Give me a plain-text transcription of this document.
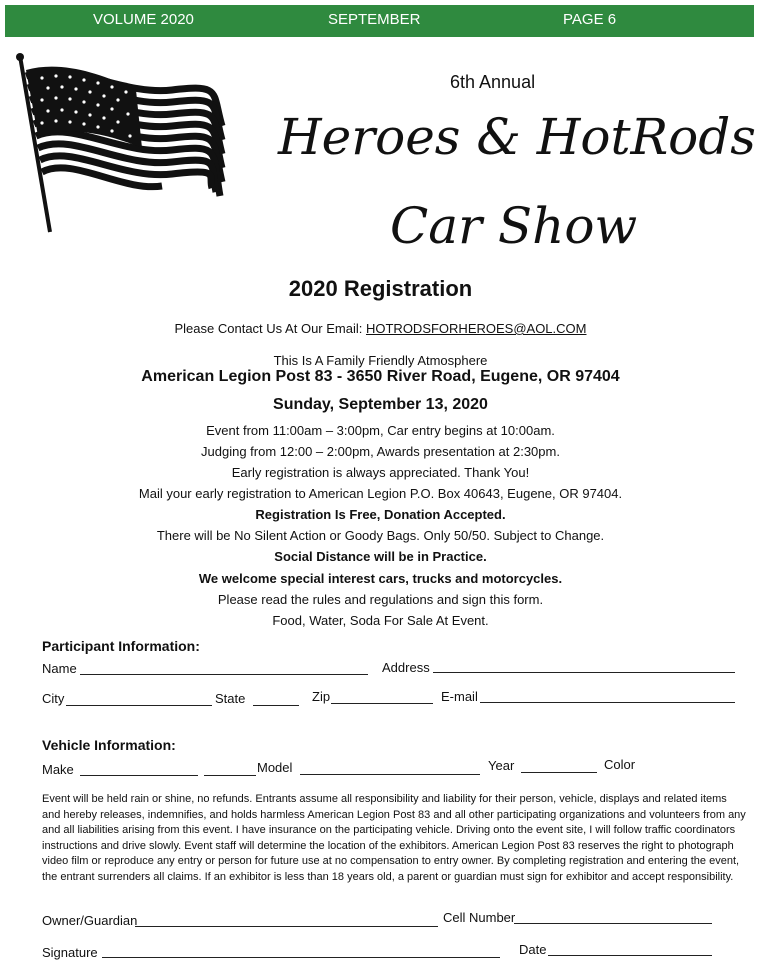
VOLUME 2020	SEPTEMBER	PAGE 6
6th Annual
Heroes & HotRods
Car Show
2020 Registration
Please Contact Us At Our Email: HOTRODSFORHEROES@AOL.COM
This Is A Family Friendly Atmosphere
American Legion Post 83 - 3650 River Road, Eugene, OR 97404
Sunday, September 13, 2020
Event from 11:00am – 3:00pm, Car entry begins at 10:00am.
Judging from 12:00 – 2:00pm, Awards presentation at 2:30pm.
Early registration is always appreciated. Thank You!
Mail your early registration to American Legion P.O. Box 40643, Eugene, OR 97404.
Registration Is Free, Donation Accepted.
There will be No Silent Action or Goody Bags. Only 50/50. Subject to Change.
Social Distance will be in Practice.
We welcome special interest cars, trucks and motorcycles.
Please read the rules and regulations and sign this form.
Food, Water, Soda For Sale At Event.
Participant Information:
Name	Address
City	State	Zip	E-mail
Vehicle Information:
Make	Model	Year	Color
Event will be held rain or shine, no refunds. Entrants assume all responsibility and liability for their person, vehicle, displays and related items and hereby releases, indemnifies, and holds harmless American Legion Post 83 and all other participating organizations and volunteers from any and all liabilities arising from this event. I have insurance on the participating vehicle. Driving onto the event site, I will follow traffic coordinators instructions and drive slowly. Event staff will determine the location of the exhibitors. American Legion Post 83 reserves the right to photograph video film or reproduce any entry or person for future use at no compensation to entry owner. By completing registration and entering the event, the entrant surrenders all claims. If an exhibitor is less than 18 years old, a parent or guardian must sign for exhibitor and accept responsibility.
Owner/Guardian	Cell Number
Signature	Date
